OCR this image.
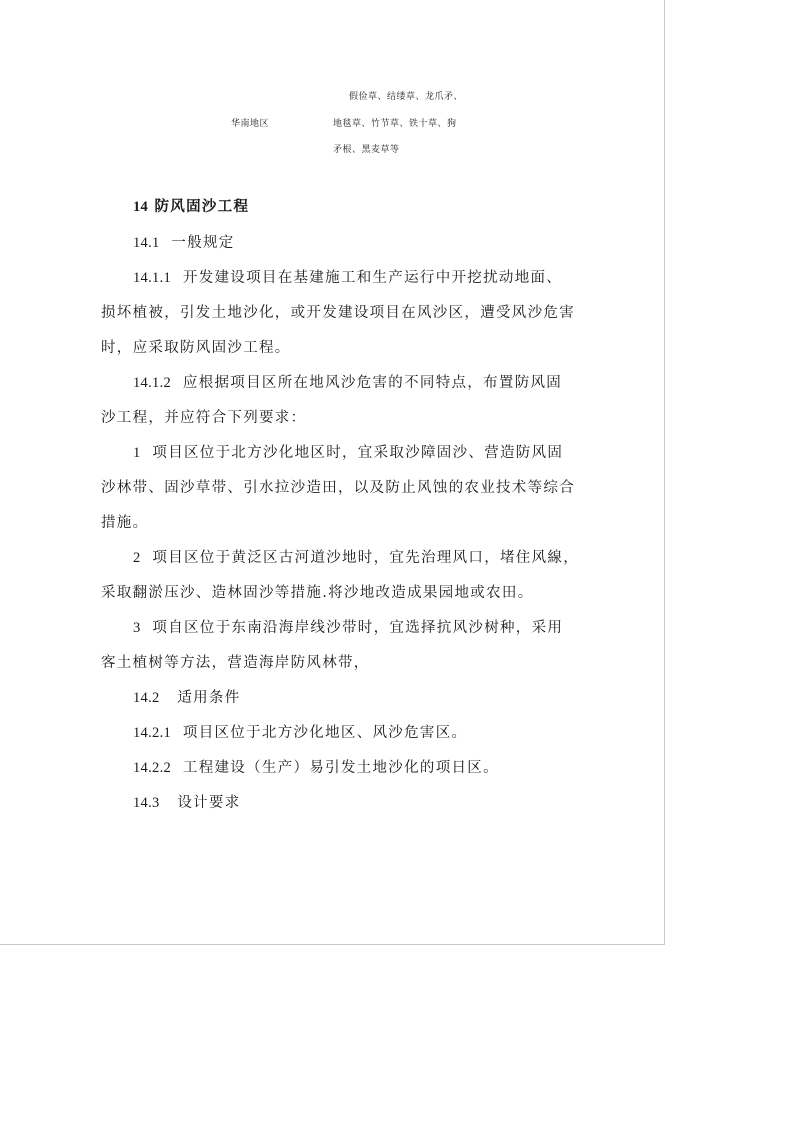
假俭草、结缕草、龙爪矛、
华南地区	地毯草、竹节草、铁十草、狗
矛根、黑麦草等
14 防风固沙工程
14.1 一般规定
14.1.1 开发建设项目在基建施工和生产运行中开挖扰动地面、
损坏植被，引发土地沙化，或开发建设项目在风沙区，遭受风沙危害
时，应采取防风固沙工程。
14.1.2 应根据项目区所在地风沙危害的不同特点，布置防风固
沙工程，并应符合下列要求：
1 项目区位于北方沙化地区时，宜采取沙障固沙、营造防风固
沙林带、固沙草带、引水拉沙造田，以及防止风蚀的农业技术等综合
措施。
2 项目区位于黄泛区古河道沙地时，宜先治理风口，堵住风線，
采取翻淤压沙、造林固沙等措施.将沙地改造成果园地或农田。
3 项自区位于东南沿海岸线沙带时，宜选择抗风沙树种，采用
客土植树等方法，营造海岸防风林带，
14.2 适用条件
14.2.1 项目区位于北方沙化地区、风沙危害区。
14.2.2 工程建设（生产）易引发土地沙化的项日区。
14.3 设计要求
